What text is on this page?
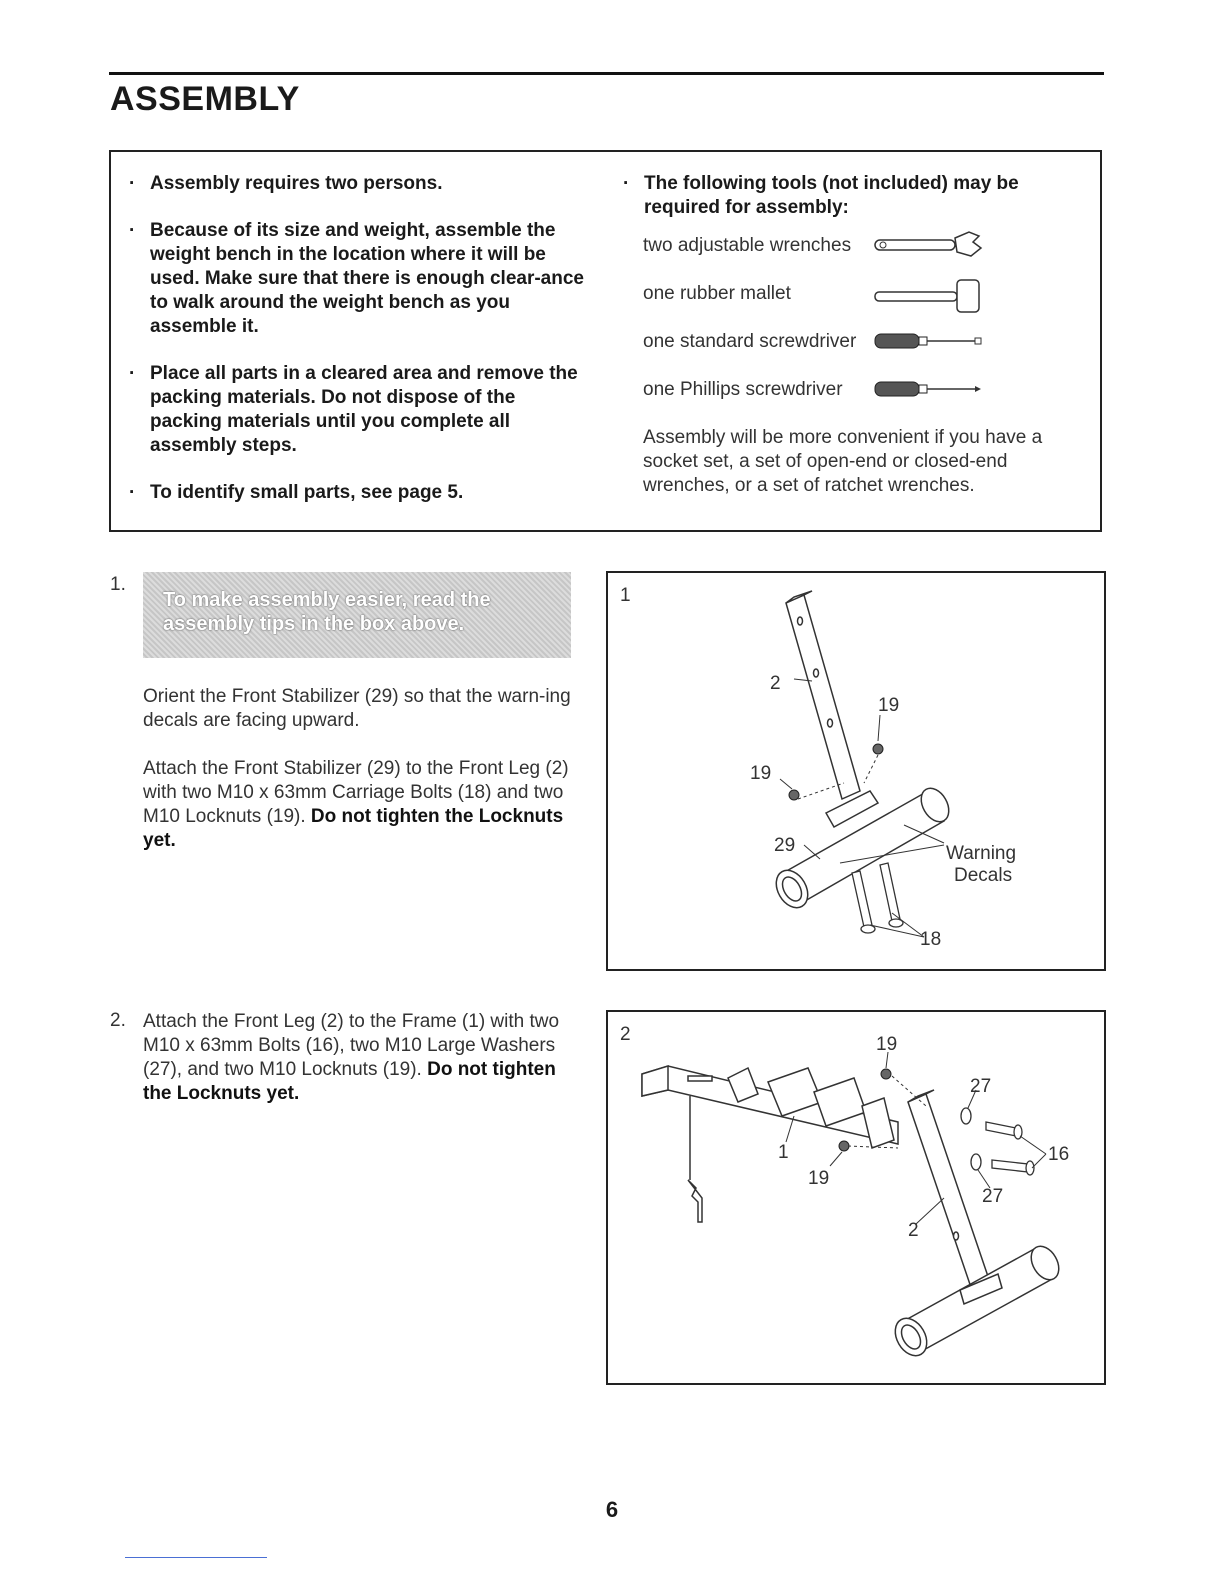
ASSEMBLY

· Assembly requires two persons.

· Because of its size and weight, assemble the weight bench in the location where it will be used. Make sure that there is enough clear-ance to walk around the weight bench as you assemble it.

· Place all parts in a cleared area and remove the packing materials. Do not dispose of the packing materials until you complete all assembly steps.

· To identify small parts, see page 5.

· The following tools (not included) may be required for assembly:

two adjustable wrenches
one rubber mallet
one standard screwdriver
one Phillips screwdriver

Assembly will be more convenient if you have a socket set, a set of open-end or closed-end wrenches, or a set of ratchet wrenches.

1.

To make assembly easier, read the assembly tips in the box above.

Orient the Front Stabilizer (29) so that the warn-ing decals are facing upward.

Attach the Front Stabilizer (29) to the Front Leg (2) with two M10 x 63mm Carriage Bolts (18) and two M10 Locknuts (19). Do not tighten the Locknuts yet.

1
2
19
19
29	Warning
Decals
18
2. Attach the Front Leg (2) to the Frame (1) with two M10 x 63mm Bolts (16), two M10 Large Washers (27), and two M10 Locknuts (19). Do not tighten the Locknuts yet.

2	19
27
16
1
19
27
2

6
